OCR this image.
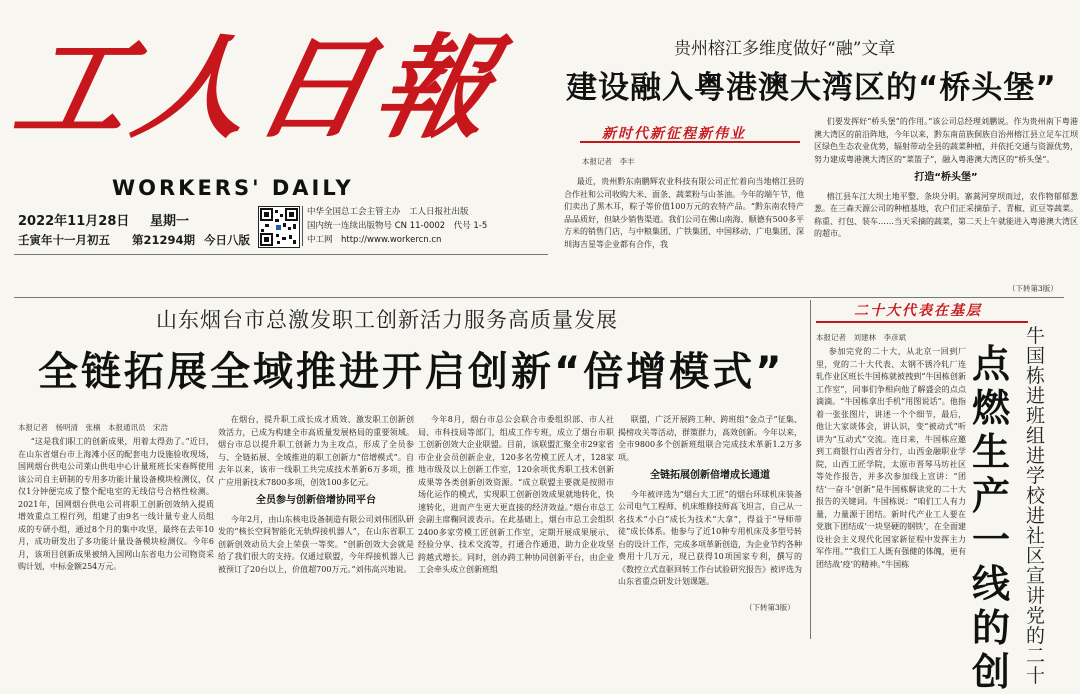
工人日報
WORKERS' DAILY
2022年11月28日 星期一
壬寅年十一月初五 第21294期 今日八版
中华全国总工会主管主办　工人日报社出版
国内统一连续出版物号 CN 11-0002　代号 1-5
中工网　http://www.workercn.cn
贵州榕江多维度做好“融”文章
建设融入粤港澳大湾区的“桥头堡”
新时代新征程新伟业
本报记者　李丰

最近，贵州黔东南鹏辉农业科技有限公司正忙着向当地榕江县的合作社和公司收购大米、面条、蔬菜粉与山茶油。今年的端午节，他们卖出了黑木耳，粽子等价值100万元的农特产品。“黔东南农特产品品质好，但缺少销售渠道。我们公司在佛山南海、顺德有500多平方米的销售门店，与中粮集团、广铁集团、中国移动、广电集团、深圳海吉星等企业都有合作，我

们要发挥好“桥头堡”的作用。”该公司总经理刘鹏说。作为贵州南下粤港澳大湾区的前沿阵地，今年以来，黔东南苗族侗族自治州榕江县立足车江坝区绿色生态农业优势，辐射带动全县的蔬菜种植，并依托交通与资源优势，努力建成粤港澳大湾区的“菜篮子”，融入粤港澳大湾区的“桥头堡”。

打造“桥头堡”

榕江县车江大坝土地平整、条块分明。寨蒿河穿坝而过，农作物郁郁葱葱。在三森天源公司的种植基地，农户们正采摘茄子、青椒、豇豆等蔬菜。称重、打包、装车……当天采摘的蔬菜，第二天上午就能进入粤港澳大湾区的超市。

（下转第3版）
山东烟台市总激发职工创新活力服务高质量发展
全链拓展全域推进开启创新“倍增模式”
本报记者　杨明清　张楠　本报通讯员　宋浩

“这是我们职工的创新成果，用着太得劲了。”近日，在山东省烟台市上海滩小区的配套电力设施验收现场，国网烟台供电公司莱山供电中心计量班班长宋春辉使用该公司自主研制的专用多功能计量设备模块检测仪，仅仅1分钟便完成了整个配电室的无线信号合格性检测。2021年，国网烟台供电公司将职工创新创效纳入提质增效重点工程行列，组建了由9名一线计量专业人员组成的专研小组，通过8个月的集中攻坚，最终在去年10月，成功研发出了多功能计量设备模块检测仪。今年6月，该项目创新成果被纳入国网山东省电力公司物资采购计划，中标金额254万元。

在烟台，提升职工成长成才质效、激发职工创新创效活力，已成为构建全市高质量发展格局的重要领域。烟台市总以提升职工创新力为主攻点，形成了全员参与、全链拓展、全域推进的职工创新力“倍增模式”。自去年以来，该市一线职工共完成技术革新6万多项，推广应用新技术7800多项，创效100多亿元。

全员参与创新倍增协同平台

今年2月，由山东核电设备制造有限公司刘伟团队研发的“核长空间智能化无轨焊接机器人”，在山东省职工创新创效动员大会上荣获一等奖。“创新创效大会就是给了我们很大的支持。仅通过联盟，今年焊接机器人已被预订了20台以上，价值超700万元。”刘伟高兴地说。

今年8月，烟台市总公会联合市委组织部、市人社局、市科技局等部门，组成工作专班，成立了烟台市职工创新创效大企业联盟。目前，该联盟汇聚全市29家省市企业会员创新企业，120多名劳模工匠人才，128家地市级及以上创新工作室，120余项优秀职工技术创新成果等各类创新创效资源。“成立联盟主要就是按照市场化运作的模式，实现职工创新创效成果就地转化，快速转化，进而产生更大更直接的经济效益。”烟台市总工会副主席鞠同波表示。在此基础上，烟台市总工会组织2400多家劳模工匠创新工作室，定期开展成果展示、经验分享、技术交流等，打通合作通道，助力企业攻坚跨越式增长。同时，创办跨工种协同创新平台，由企业工会牵头成立创新班组

联盟，广泛开展跨工种、跨班组“金点子”征集、揭榜攻关等活动，群策群力，高效创新。今年以来，全市9800多个创新班组联合完成技术革新1.2万多项。

全链拓展创新倍增成长通道

今年被评选为“烟台大工匠”的烟台环球机床装备公司电气工程师、机床维修技师高飞坦言，自己从一名技术“小白”成长为技术“大拿”，得益于“导师带徒”成长体系。他参与了近10种专用机床及多型号转台的设计工作，完成多项革新创造，为企业节约各种费用十几万元，现已获得10项国家专利，撰写的《数控立式直驱回转工作台试验研究报告》被评选为山东省重点研发计划课题。

（下转第3版）
二十大代表在基层
本报记者　刘建林　李彦斌

参加完党的二十大，从北京一回到厂里，党的二十大代表、太钢不锈冷轧厂连轧作业区班长牛国栋就被拽到“牛国栋创新工作室”，同事们争相向他了解盛会的点点滴滴。“牛国栋拿出手机”用图说话”。他指着一张张图片，讲述一个个细节，最后，他让大家谈体会，讲认识，变“被动式”听讲为“互动式”交流。连日来，牛国栋应邀到工商银行山西省分行，山西金融职业学院，山西工匠学院，太原市晋琴马坊社区等处作报告，并多次参加线上宣讲：“团结‘一奋斗’创新”是牛国栋解读党的二十大报告的关键词。牛国栋说：“咱们工人有力量，力量源于团结。新时代产业工人要在党旗下团结成‘一块坚硬的钢铁’，在全面建设社会主义现代化国家新征程中发挥主力军作用。”“我们工人既有强健的体魄，更有团结战‘疫’的精神。”牛国栋

点燃生产一线的创
牛国栋进班组进学校进社区宣讲党的二十
